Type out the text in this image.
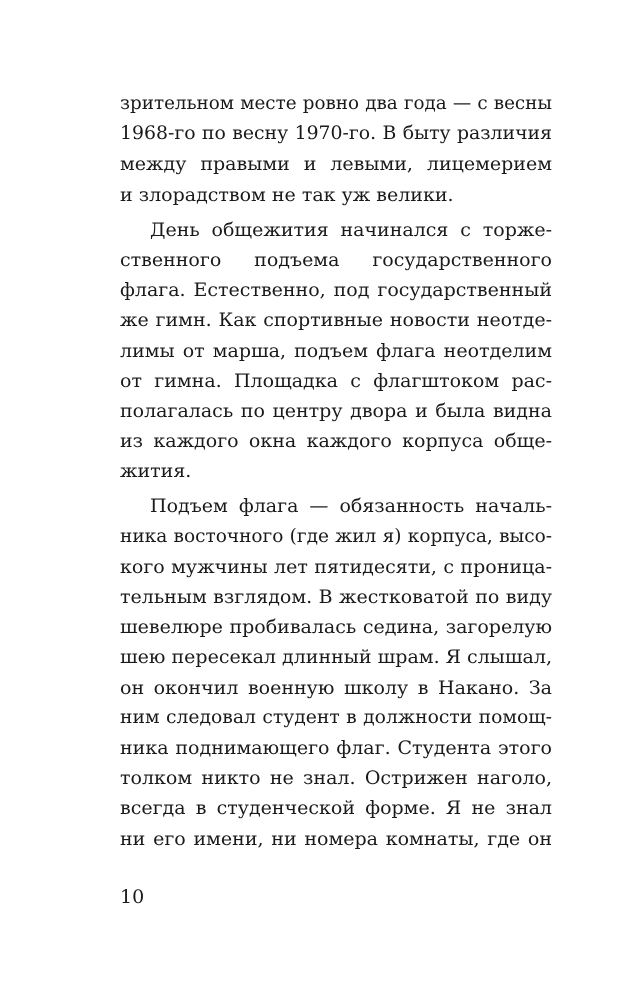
зрительном месте ровно два года — с весны
1968-го по весну 1970-го. В быту различия
между правыми и левыми, лицемерием
и злорадством не так уж велики.
День общежития начинался с торже-
ственного подъема государственного
флага. Естественно, под государственный
же гимн. Как спортивные новости неотде-
лимы от марша, подъем флага неотделим
от гимна. Площадка с флагштоком рас-
полагалась по центру двора и была видна
из каждого окна каждого корпуса обще-
жития.
Подъем флага — обязанность началь-
ника восточного (где жил я) корпуса, высо-
кого мужчины лет пятидесяти, с проница-
тельным взглядом. В жестковатой по виду
шевелюре пробивалась седина, загорелую
шею пересекал длинный шрам. Я слышал,
он окончил военную школу в Накано. За
ним следовал студент в должности помощ-
ника поднимающего флаг. Студента этого
толком никто не знал. Острижен наголо,
всегда в студенческой форме. Я не знал
ни его имени, ни номера комнаты, где он
10
